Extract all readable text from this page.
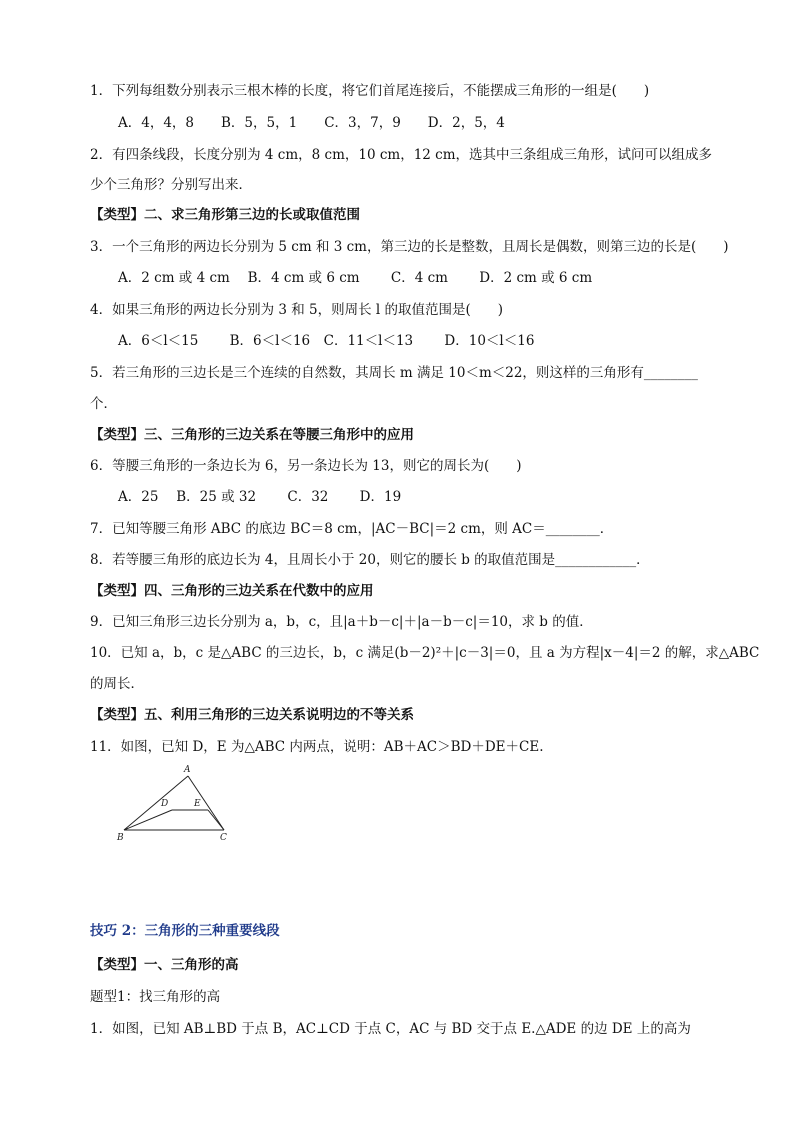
1．下列每组数分别表示三根木棒的长度，将它们首尾连接后，不能摆成三角形的一组是(　　)
A．4，4，8　　B．5，5，1　　C．3，7，9　　D．2，5，4
2．有四条线段，长度分别为 4 cm，8 cm，10 cm，12 cm，选其中三条组成三角形，试问可以组成多
少个三角形？分别写出来．
【类型】二、求三角形第三边的长或取值范围
3．一个三角形的两边长分别为 5 cm 和 3 cm，第三边的长是整数，且周长是偶数，则第三边的长是(　　)
A．2 cm 或 4 cm　 B．4 cm 或 6 cm　　 C．4 cm　　 D．2 cm 或 6 cm
4．如果三角形的两边长分别为 3 和 5，则周长 l 的取值范围是(　　)
A．6＜l＜15　　 B．6＜l＜16　C．11＜l＜13　　 D．10＜l＜16
5．若三角形的三边长是三个连续的自然数，其周长 m 满足 10＜m＜22，则这样的三角形有________
个．
【类型】三、三角形的三边关系在等腰三角形中的应用
6．等腰三角形的一条边长为 6，另一条边长为 13，则它的周长为(　　)
A．25　 B．25 或 32　　 C．32　　 D．19
7．已知等腰三角形 ABC 的底边 BC＝8 cm，|AC－BC|＝2 cm，则 AC＝________．
8．若等腰三角形的底边长为 4，且周长小于 20，则它的腰长 b 的取值范围是____________．
【类型】四、三角形的三边关系在代数中的应用
9．已知三角形三边长分别为 a，b，c，且|a＋b－c|＋|a－b－c|＝10，求 b 的值．
10．已知 a，b，c 是△ABC 的三边长，b，c 满足(b－2)²＋|c－3|＝0，且 a 为方程|x－4|＝2 的解，求△ABC
的周长．
【类型】五、利用三角形的三边关系说明边的不等关系
11．如图，已知 D，E 为△ABC 内两点，说明：AB＋AC＞BD＋DE＋CE.
A
B	C
D	E
技巧 2：三角形的三种重要线段
【类型】一、三角形的高
题型1：找三角形的高
1．如图，已知 AB⊥BD 于点 B，AC⊥CD 于点 C，AC 与 BD 交于点 E.△ADE 的边 DE 上的高为
